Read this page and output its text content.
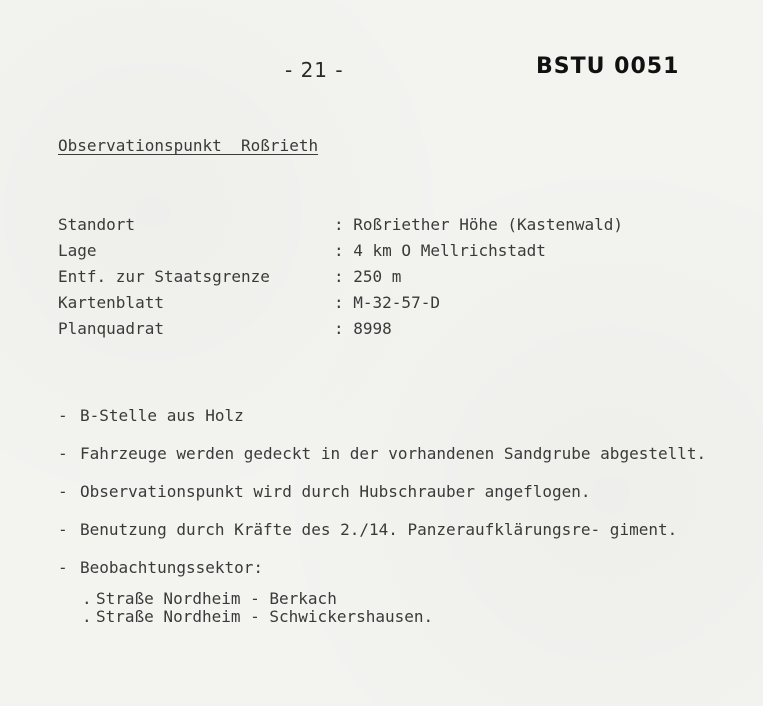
- 21 -	BSTU 0051
Observationspunkt  Roßrieth
Standort	: Roßriether Höhe (Kastenwald)
Lage	: 4 km O Mellrichstadt
Entf. zur Staatsgrenze	: 250 m
Kartenblatt	: M-32-57-D
Planquadrat	: 8998
- B-Stelle aus Holz
- Fahrzeuge werden gedeckt in der vorhandenen Sandgrube abgestellt.
- Observationspunkt wird durch Hubschrauber angeflogen.
- Benutzung durch Kräfte des 2./14. Panzeraufklärungsre- giment.
- Beobachtungssektor:
. Straße Nordheim - Berkach
. Straße Nordheim - Schwickershausen.
